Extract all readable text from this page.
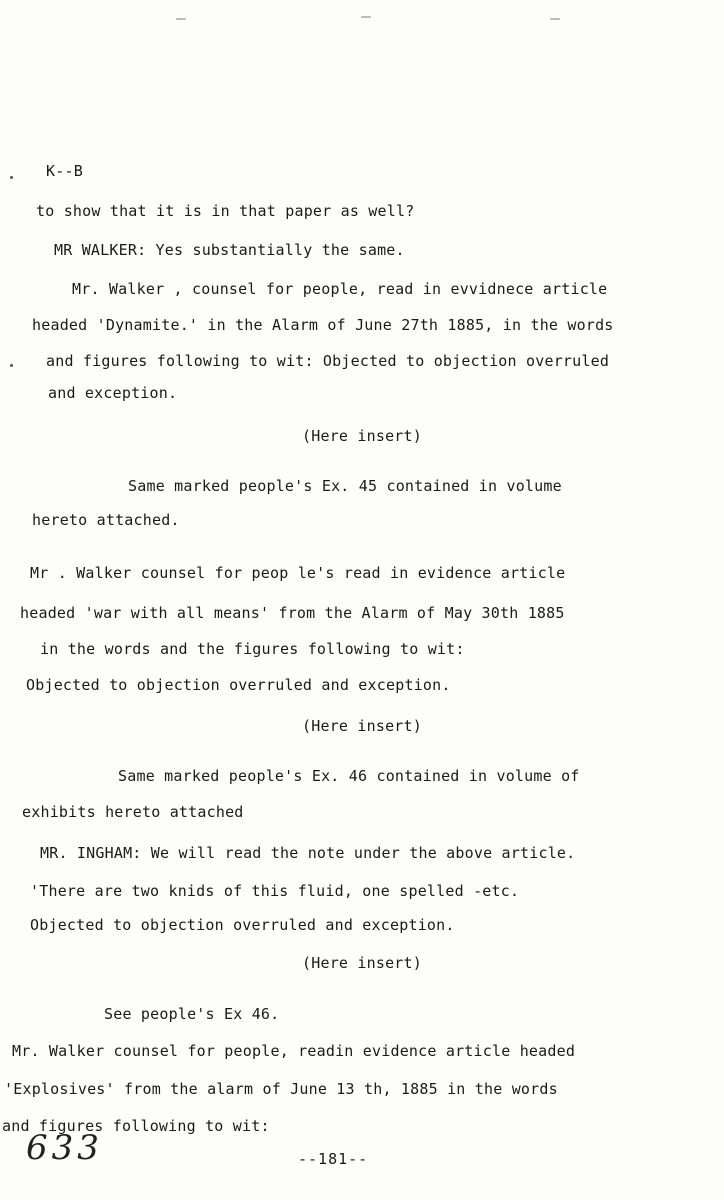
K--B
to show that it is in that paper as well?
MR WALKER: Yes substantially the same.
Mr. Walker , counsel for people, read in evvidnece article
headed 'Dynamite.' in the Alarm of June 27th 1885, in the words
and figures following to wit: Objected to objection overruled
and exception.
(Here insert)
Same marked people's Ex. 45 contained in volume
hereto attached.
Mr . Walker counsel for peop le's read in evidence article
headed 'war with all means' from the Alarm of May 30th 1885
in the words and the figures following to wit:
Objected to objection overruled and exception.
(Here insert)
Same marked people's Ex. 46 contained in volume of
exhibits hereto attached
MR. INGHAM: We will read the note under the above article.
'There are two knids of this fluid, one spelled -etc.
Objected to objection overruled and exception.
(Here insert)
See people's Ex 46.
Mr. Walker counsel for people, readin evidence article headed
'Explosives' from the alarm of June 13 th, 1885 in the words
and figures following to wit:
633	--181--
